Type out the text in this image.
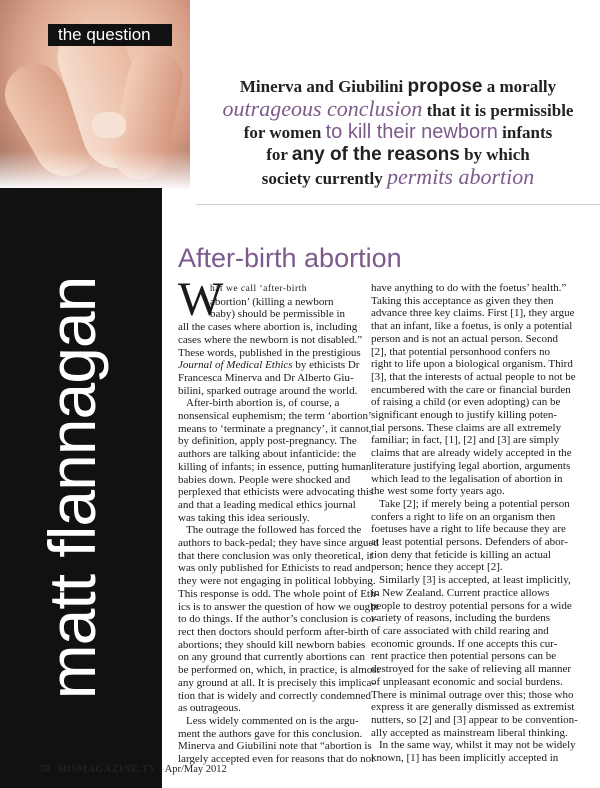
the question
matt flannagan
Minerva and Giubilini propose a morally
outrageous conclusion that it is permissible
for women to kill their newborn infants
for any of the reasons by which
society currently permits abortion
After-birth abortion
W

hat we call ‘after-birth

abortion’ (killing a newborn

baby) should be permissible in

all the cases where abortion is, including

cases where the newborn is not disabled.”

These words, published in the prestigious

Journal of Medical Ethics by ethicists Dr

Francesca Minerva and Dr Alberto Giu-

bilini, sparked outrage around the world.

After-birth abortion is, of course, a

nonsensical euphemism; the term ‘abortion’

means to ‘terminate a pregnancy’, it cannot,

by definition, apply post-pregnancy. The

authors are talking about infanticide: the

killing of infants; in essence, putting human

babies down. People were shocked and

perplexed that ethicists were advocating this

and that a leading medical ethics journal

was taking this idea seriously.

The outrage the followed has forced the

authors to back-pedal; they have since argued

that there conclusion was only theoretical, it

was only published for Ethicists to read and

they were not engaging in political lobbying.

This response is odd. The whole point of Eth-

ics is to answer the question of how we ought

to do things. If the author’s conclusion is cor-

rect then doctors should perform after-birth

abortions; they should kill newborn babies

on any ground that currently abortions can

be performed on, which, in practice, is almost

any ground at all. It is precisely this implica-

tion that is widely and correctly condemned

as outrageous.

Less widely commented on is the argu-

ment the authors gave for this conclusion.

Minerva and Giubilini note that “abortion is

largely accepted even for reasons that do not

have anything to do with the foetus’ health.”

Taking this acceptance as given they then

advance three key claims. First [1], they argue

that an infant, like a foetus, is only a potential

person and is not an actual person. Second

[2], that potential personhood confers no

right to life upon a biological organism. Third

[3], that the interests of actual people to not be

encumbered with the care or financial burden

of raising a child (or even adopting) can be

significant enough to justify killing poten-

tial persons. These claims are all extremely

familiar; in fact, [1], [2] and [3] are simply

claims that are already widely accepted in the

literature justifying legal abortion, arguments

which lead to the legalisation of abortion in

the west some forty years ago.

Take [2]; if merely being a potential person

confers a right to life on an organism then

foetuses have a right to life because they are

at least potential persons. Defenders of abor-

tion deny that feticide is killing an actual

person; hence they accept [2].

Similarly [3] is accepted, at least implicitly,

in New Zealand. Current practice allows

people to destroy potential persons for a wide

variety of reasons, including the burdens

of care associated with child rearing and

economic grounds. If one accepts this cur-

rent practice then potential persons can be

destroyed for the sake of relieving all manner

of unpleasant economic and social burdens.

There is minimal outrage over this; those who

express it are generally dismissed as extremist

nutters, so [2] and [3] appear to be convention-

ally accepted as mainstream liberal thinking.

In the same way, whilst it may not be widely

known, [1] has been implicitly accepted in

50 HISMAGAZINE.TV Apr/May 2012
